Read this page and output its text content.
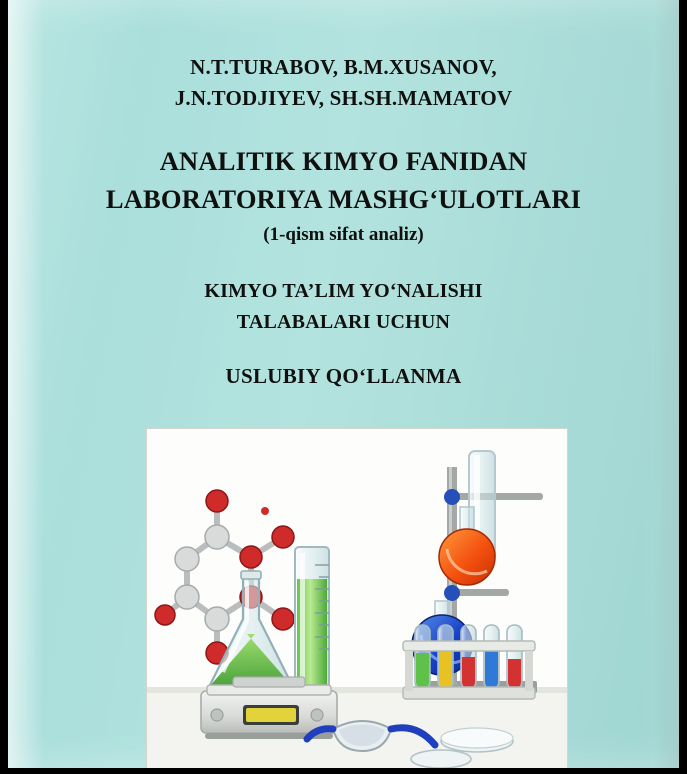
N.T.TURABOV, B.M.XUSANOV,
J.N.TODJIYEV, SH.SH.MAMATOV
ANALITIK KIMYO FANIDAN
LABORATORIYA MASHG‘ULOTLARI
(1-qism sifat analiz)
KIMYO TA’LIM YO‘NALISHI
TALABALARI UCHUN
USLUBIY QO‘LLANMA
